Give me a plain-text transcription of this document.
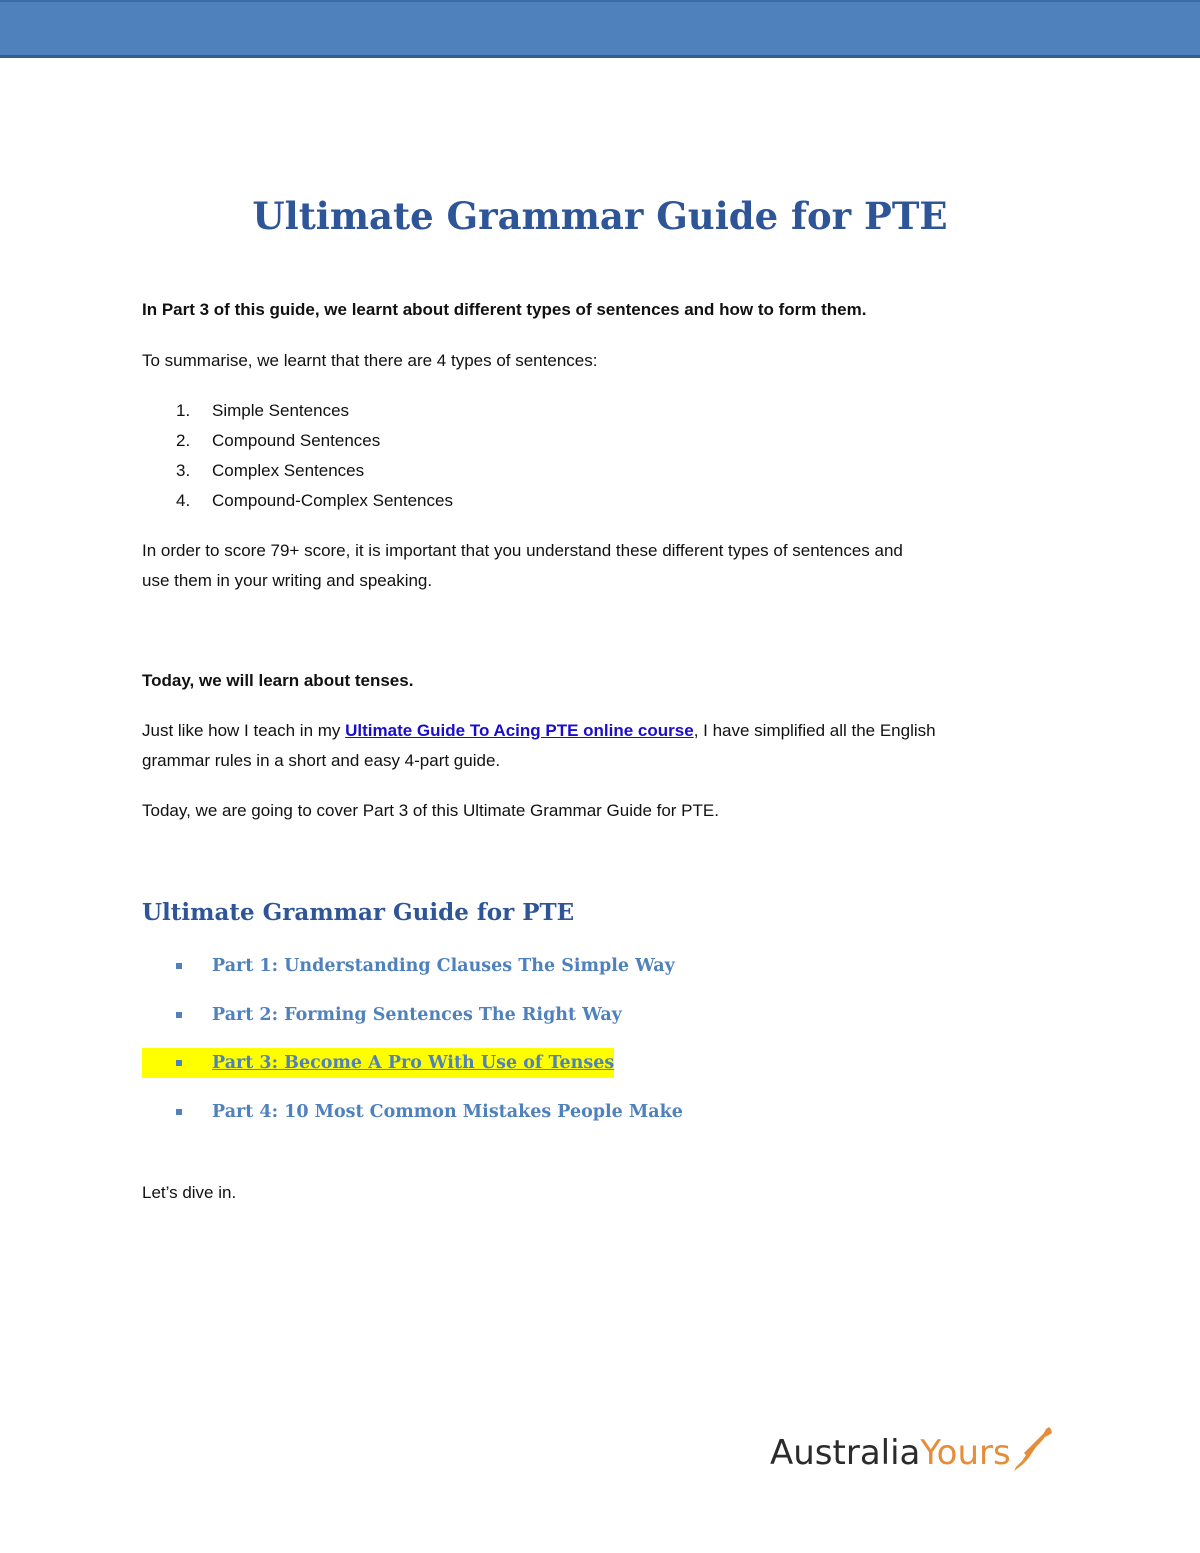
Ultimate Grammar Guide for PTE

In Part 3 of this guide, we learnt about different types of sentences and how to form them.

To summarise, we learnt that there are 4 types of sentences:

1. Simple Sentences
2. Compound Sentences
3. Complex Sentences
4. Compound-Complex Sentences

In order to score 79+ score, it is important that you understand these different types of sentences and
use them in your writing and speaking.

Today, we will learn about tenses.

Just like how I teach in my Ultimate Guide To Acing PTE online course, I have simplified all the English
grammar rules in a short and easy 4-part guide.

Today, we are going to cover Part 3 of this Ultimate Grammar Guide for PTE.

Ultimate Grammar Guide for PTE
Part 1: Understanding Clauses The Simple Way
Part 2: Forming Sentences The Right Way
Part 3: Become A Pro With Use of Tenses
Part 4: 10 Most Common Mistakes People Make

Let’s dive in.

AustraliaYours
